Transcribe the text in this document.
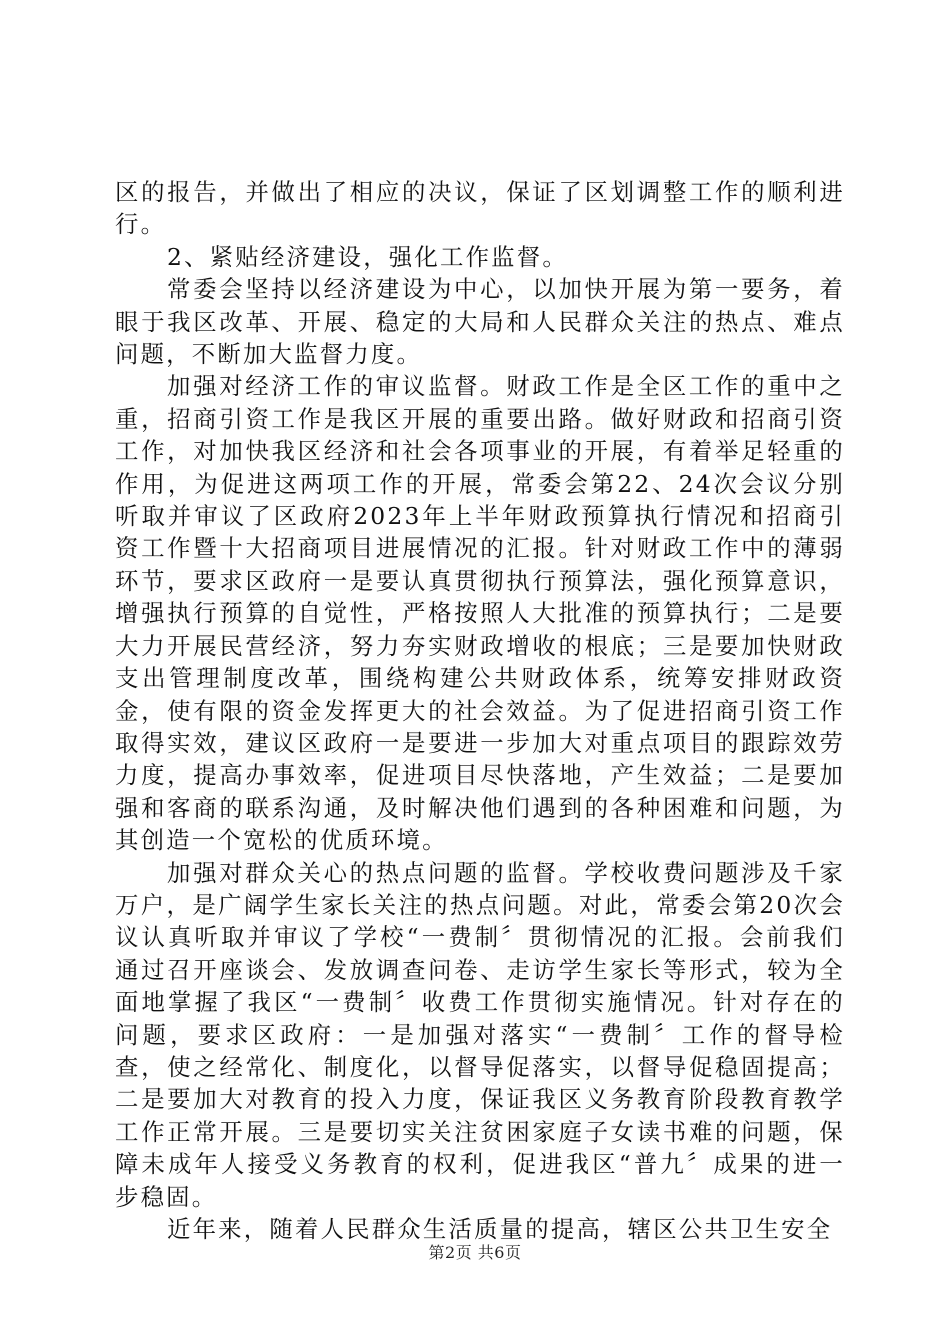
区的报告，并做出了相应的决议，保证了区划调整工作的顺利进行。

2、紧贴经济建设，强化工作监督。

常委会坚持以经济建设为中心，以加快开展为第一要务，着眼于我区改革、开展、稳定的大局和人民群众关注的热点、难点问题，不断加大监督力度。

加强对经济工作的审议监督。财政工作是全区工作的重中之重，招商引资工作是我区开展的重要出路。做好财政和招商引资工作，对加快我区经济和社会各项事业的开展，有着举足轻重的作用，为促进这两项工作的开展，常委会第22、24次会议分别听取并审议了区政府2023年上半年财政预算执行情况和招商引资工作暨十大招商项目进展情况的汇报。针对财政工作中的薄弱环节，要求区政府一是要认真贯彻执行预算法，强化预算意识，增强执行预算的自觉性，严格按照人大批准的预算执行；二是要大力开展民营经济，努力夯实财政增收的根底；三是要加快财政支出管理制度改革，围绕构建公共财政体系，统筹安排财政资金，使有限的资金发挥更大的社会效益。为了促进招商引资工作取得实效，建议区政府一是要进一步加大对重点项目的跟踪效劳力度，提高办事效率，促进项目尽快落地，产生效益；二是要加强和客商的联系沟通，及时解决他们遇到的各种困难和问题，为其创造一个宽松的优质环境。

加强对群众关心的热点问题的监督。学校收费问题涉及千家万户，是广阔学生家长关注的热点问题。对此，常委会第20次会议认真听取并审议了学校“一费制〞贯彻情况的汇报。会前我们通过召开座谈会、发放调查问卷、走访学生家长等形式，较为全面地掌握了我区“一费制〞收费工作贯彻实施情况。针对存在的问题，要求区政府：一是加强对落实“一费制〞工作的督导检查，使之经常化、制度化，以督导促落实，以督导促稳固提高；二是要加大对教育的投入力度，保证我区义务教育阶段教育教学工作正常开展。三是要切实关注贫困家庭子女读书难的问题，保障未成年人接受义务教育的权利，促进我区“普九〞成果的进一步稳固。

近年来，随着人民群众生活质量的提高，辖区公共卫生安全

第2页 共6页
